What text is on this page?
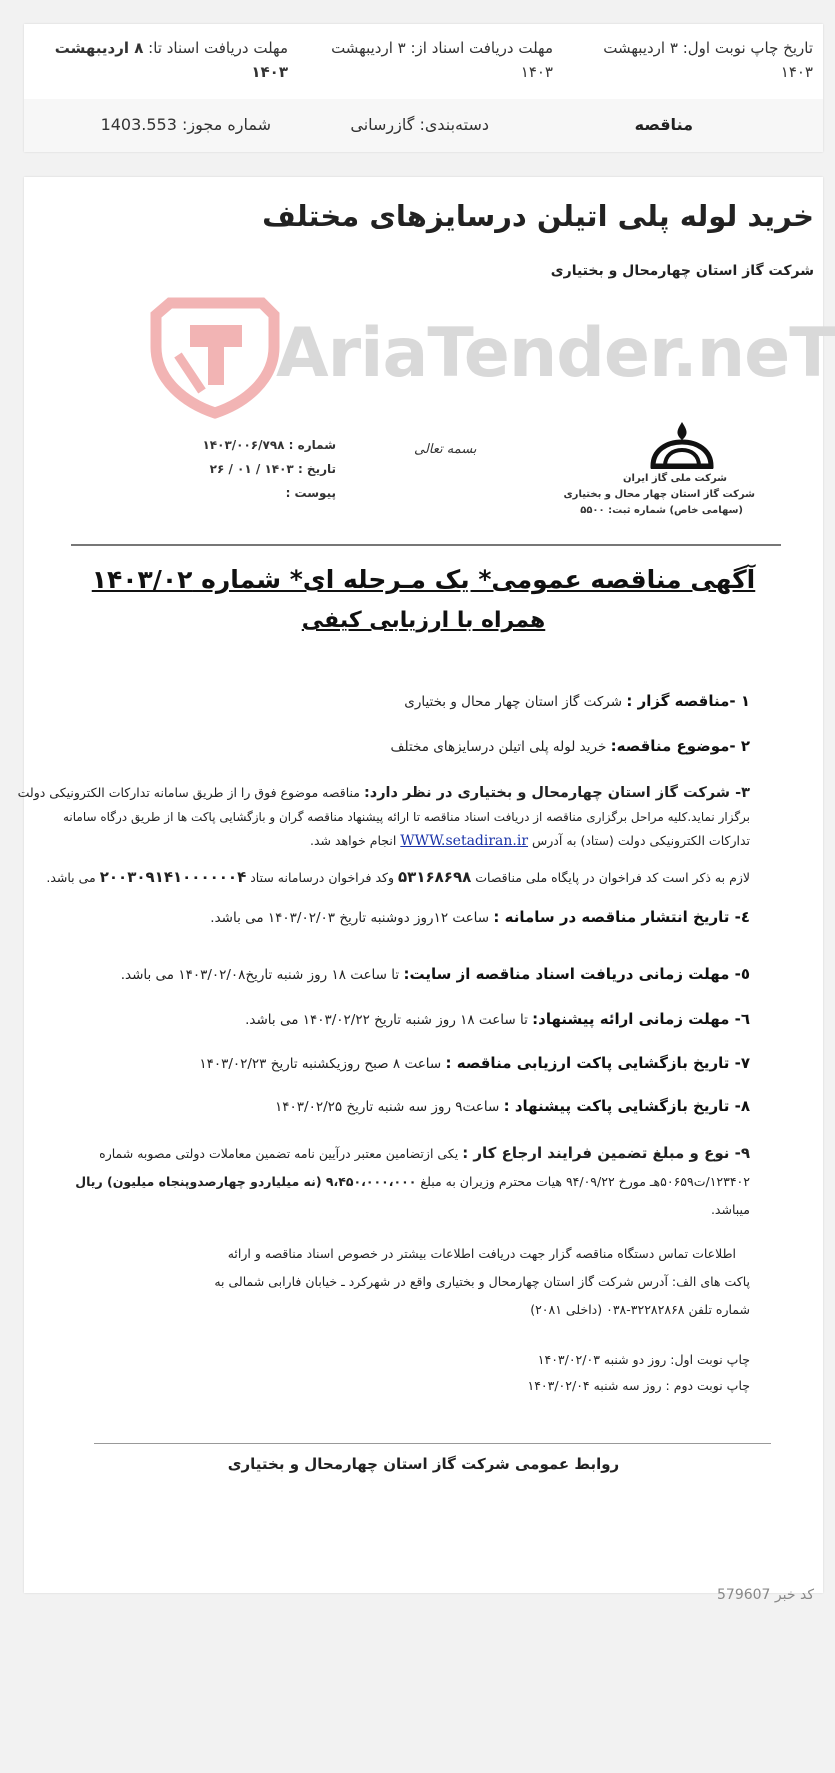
تاریخ چاپ نوبت اول: ۳ اردیبهشت ۱۴۰۳
مهلت دریافت اسناد از: ۳ اردیبهشت ۱۴۰۳
مهلت دریافت اسناد تا: ۸ اردیبهشت ۱۴۰۳
مناقصه
دسته‌بندی: گازرسانی
شماره مجوز: 1403.553
خرید لوله پلی اتیلن درسایزهای مختلف
شرکت گاز استان چهارمحال و بختیاری
AriaTender.neT
شرکت ملی گاز ایران
شرکت گاز استان چهار محال و بختیاری
(سهامی خاص) شماره ثبت: ۵۵۰۰
بسمه تعالی
شماره : ۱۴۰۳/۰۰۶/۷۹۸
تاریخ : ۱۴۰۳ / ۰۱ / ۲۶
پیوست :
آگهی مناقصه عمومی* یک مـرحله ای* شماره ۱۴۰۳/۰۲
همراه با ارزیابی کیفی
۱ -مناقصه گزار : شرکت گاز استان چهار محال و بختیاری
۲ -موضوع مناقصه: خرید لوله پلی اتیلن درسایزهای مختلف
۳- شرکت گاز استان چهارمحال و بختیاری در نظر دارد: مناقصه موضوع فوق را از طریق سامانه تدارکات الکترونیکی دولت
برگزار نماید.کلیه مراحل برگزاری مناقصه از دریافت اسناد مناقصه تا ارائه پیشنهاد مناقصه گران و بازگشایی پاکت ها از طریق درگاه سامانه
تدارکات الکترونیکی دولت (ستاد) به آدرس WWW.setadiran.ir انجام خواهد شد.
لازم به ذکر است کد فراخوان در پایگاه ملی مناقصات ۵۳۱۶۸۶۹۸ وکد فراخوان درسامانه ستاد ۲۰۰۳۰۹۱۴۱۰۰۰۰۰۰۴ می باشد.
٤- تاریخ انتشار مناقصه در سامانه : ساعت ۱۲روز دوشنبه تاریخ ۱۴۰۳/۰۲/۰۳ می باشد.
٥- مهلت زمانی دریافت اسناد مناقصه از سایت: تا ساعت ۱۸ روز شنبه تاریخ۱۴۰۳/۰۲/۰۸ می باشد.
٦- مهلت زمانی ارائه پیشنهاد: تا ساعت ۱۸ روز شنبه تاریخ ۱۴۰۳/۰۲/۲۲ می باشد.
۷- تاریخ بازگشایی پاکت ارزیابی مناقصه : ساعت ۸ صبح روزیکشنبه تاریخ ۱۴۰۳/۰۲/۲۳
۸- تاریخ بازگشایی پاکت پیشنهاد : ساعت۹ روز سه شنبه تاریخ ۱۴۰۳/۰۲/۲۵
۹- نوع و مبلغ تضمین فرایند ارجاع کار : یکی ازتضامین معتبر درآیین نامه تضمین معاملات دولتی مصوبه شماره
۱۲۳۴۰۲/ت۵۰۶۵۹هـ مورخ ۹۴/۰۹/۲۲ هیات محترم وزیران به مبلغ ۹،۴۵۰،۰۰۰،۰۰۰ (نه میلیاردو چهارصدوپنجاه میلیون) ریال
میباشد.
اطلاعات تماس دستگاه مناقصه گزار جهت دریافت اطلاعات بیشتر در خصوص اسناد مناقصه و ارائه
پاکت های الف: آدرس شرکت گاز استان چهارمحال و بختیاری واقع در شهرکرد ـ خیابان فارابی شمالی به
شماره تلفن ۳۲۲۸۲۸۶۸-۰۳۸ (داخلی ۲۰۸۱)
چاپ نوبت اول: روز دو شنبه ۱۴۰۳/۰۲/۰۳
چاپ نوبت دوم : روز سه شنبه ۱۴۰۳/۰۲/۰۴
روابط عمومی شرکت گاز استان چهارمحال و بختیاری
کد خبر 579607
